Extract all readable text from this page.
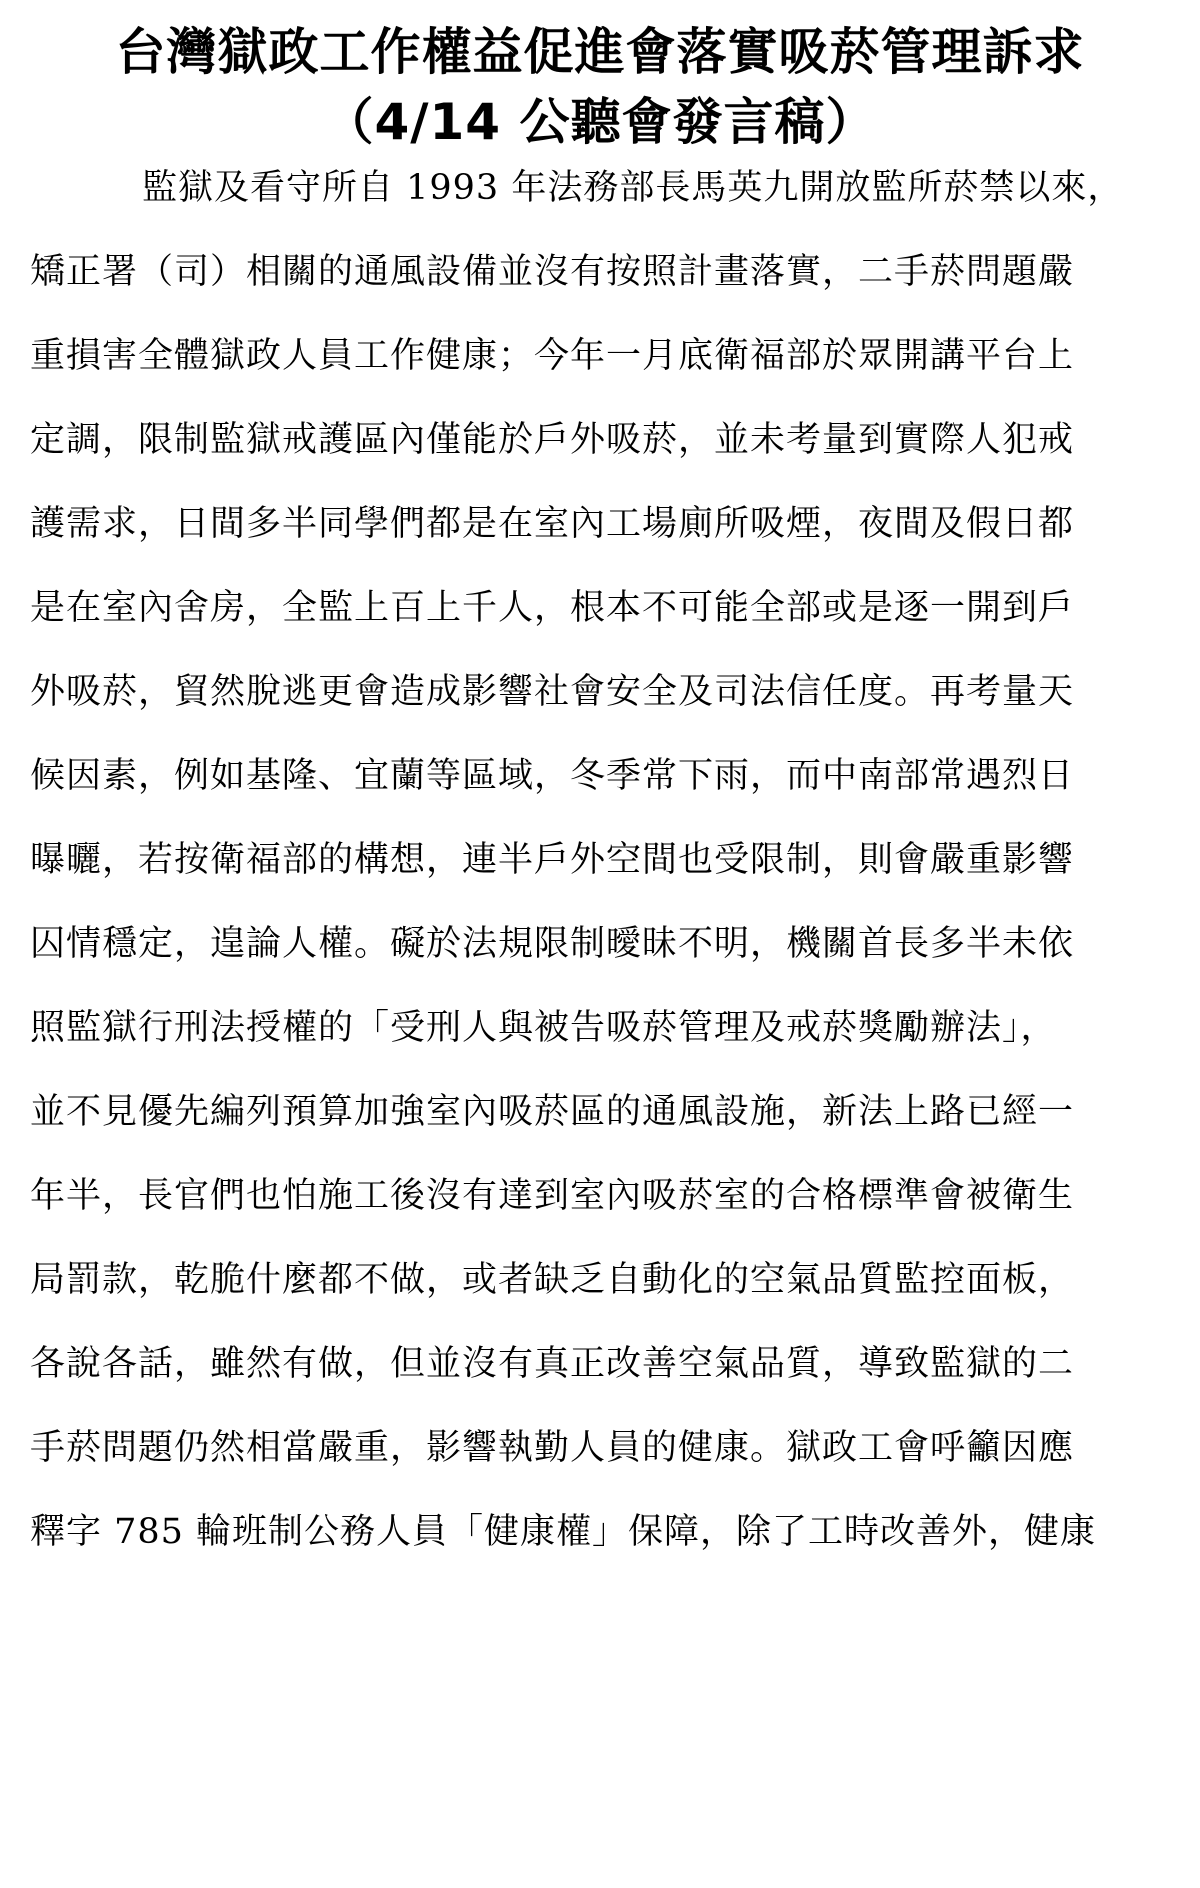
台灣獄政工作權益促進會落實吸菸管理訴求
（4/14 公聽會發言稿）
監獄及看守所自 1993 年法務部長馬英九開放監所菸禁以來，
矯正署（司）相關的通風設備並沒有按照計畫落實，二手菸問題嚴
重損害全體獄政人員工作健康；今年一月底衛福部於眾開講平台上
定調，限制監獄戒護區內僅能於戶外吸菸，並未考量到實際人犯戒
護需求，日間多半同學們都是在室內工場廁所吸煙，夜間及假日都
是在室內舍房，全監上百上千人，根本不可能全部或是逐一開到戶
外吸菸，貿然脫逃更會造成影響社會安全及司法信任度。再考量天
候因素，例如基隆、宜蘭等區域，冬季常下雨，而中南部常遇烈日
曝曬，若按衛福部的構想，連半戶外空間也受限制，則會嚴重影響
囚情穩定，遑論人權。礙於法規限制曖昧不明，機關首長多半未依
照監獄行刑法授權的「受刑人與被告吸菸管理及戒菸獎勵辦法」，
並不見優先編列預算加強室內吸菸區的通風設施，新法上路已經一
年半，長官們也怕施工後沒有達到室內吸菸室的合格標準會被衛生
局罰款，乾脆什麼都不做，或者缺乏自動化的空氣品質監控面板，
各說各話，雖然有做，但並沒有真正改善空氣品質，導致監獄的二
手菸問題仍然相當嚴重，影響執勤人員的健康。獄政工會呼籲因應
釋字 785 輪班制公務人員「健康權」保障，除了工時改善外，健康
